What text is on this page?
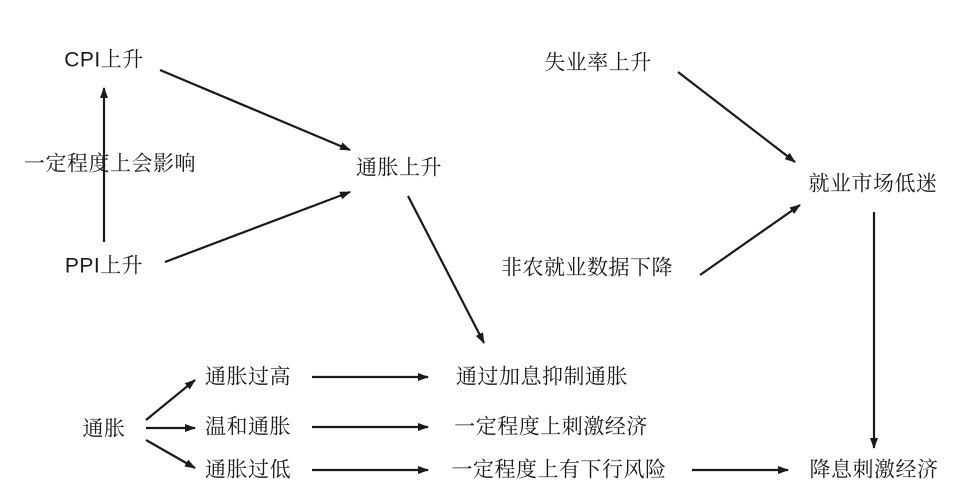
CPI上升
PPI上升
通胀上升
失业率上升
就业市场低迷
非农就业数据下降
通胀
通胀过高
温和通胀
通胀过低
通过加息抑制通胀
一定程度上刺激经济
一定程度上有下行风险	降息刺激经济
一定程度上会影响
